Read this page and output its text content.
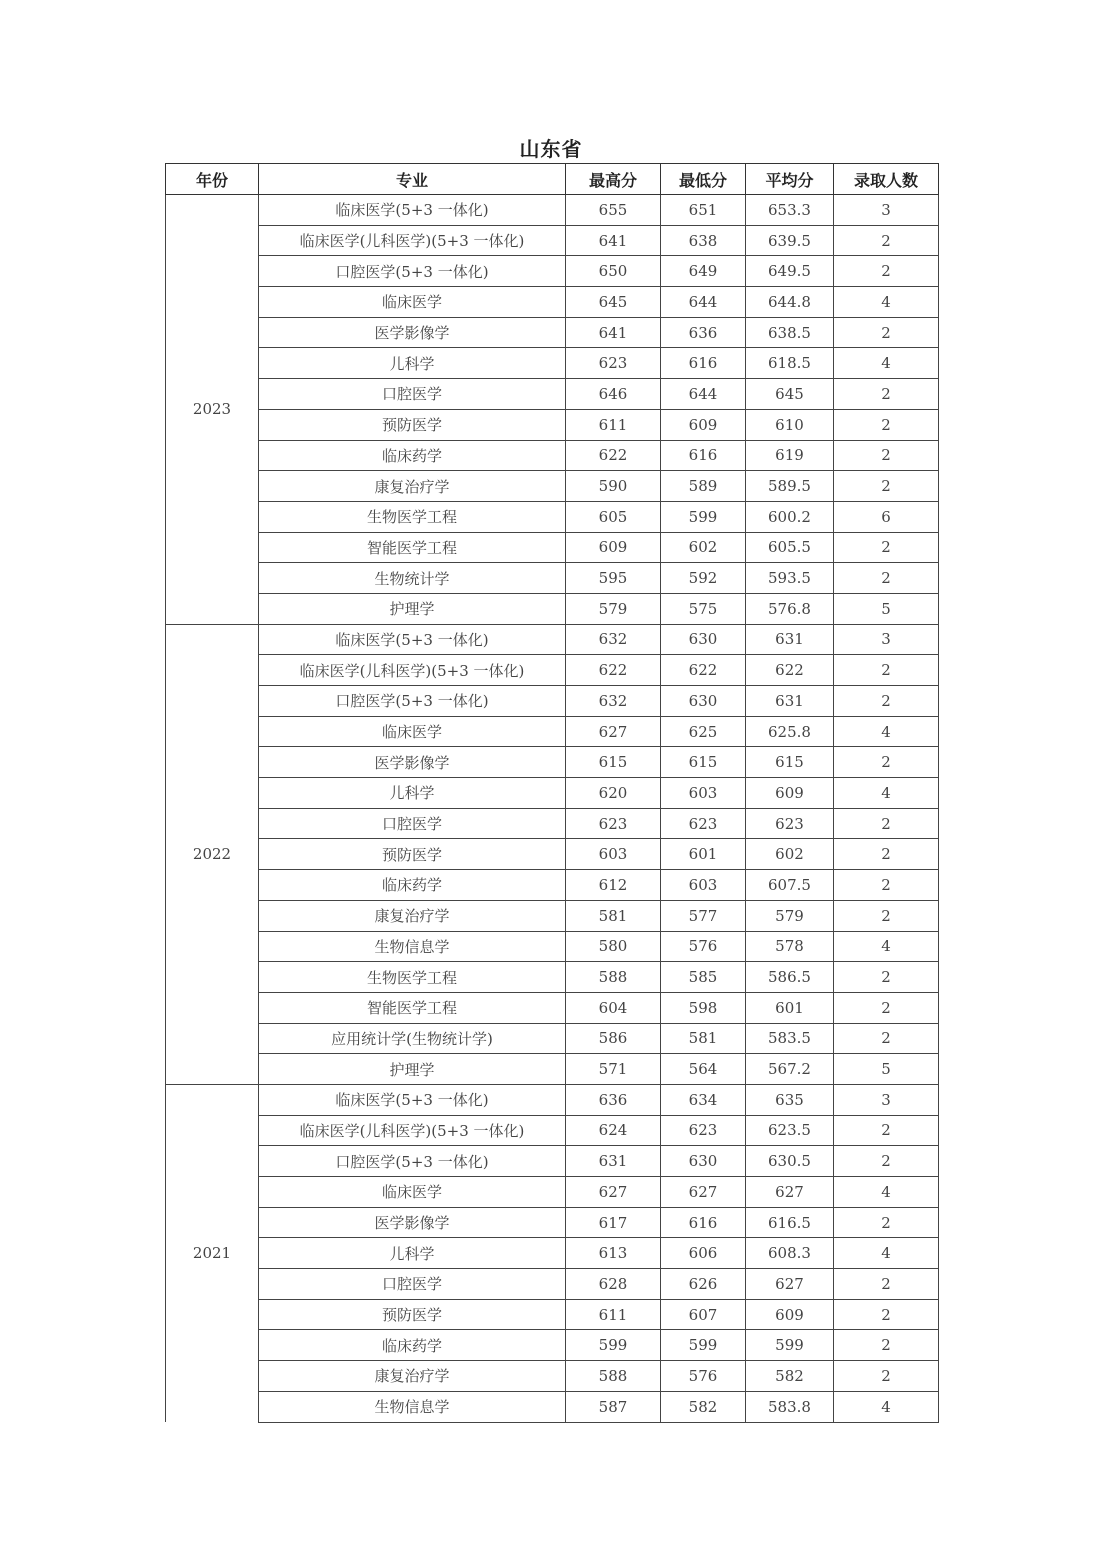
山东省
年份	专业	最高分	最低分	平均分	录取人数
2023	临床医学(5+3 一体化)	655	651	653.3	3
	临床医学(儿科医学)(5+3 一体化)	641	638	639.5	2
	口腔医学(5+3 一体化)	650	649	649.5	2
	临床医学	645	644	644.8	4
	医学影像学	641	636	638.5	2
	儿科学	623	616	618.5	4
	口腔医学	646	644	645	2
	预防医学	611	609	610	2
	临床药学	622	616	619	2
	康复治疗学	590	589	589.5	2
	生物医学工程	605	599	600.2	6
	智能医学工程	609	602	605.5	2
	生物统计学	595	592	593.5	2
	护理学	579	575	576.8	5
2022	临床医学(5+3 一体化)	632	630	631	3
	临床医学(儿科医学)(5+3 一体化)	622	622	622	2
	口腔医学(5+3 一体化)	632	630	631	2
	临床医学	627	625	625.8	4
	医学影像学	615	615	615	2
	儿科学	620	603	609	4
	口腔医学	623	623	623	2
	预防医学	603	601	602	2
	临床药学	612	603	607.5	2
	康复治疗学	581	577	579	2
	生物信息学	580	576	578	4
	生物医学工程	588	585	586.5	2
	智能医学工程	604	598	601	2
	应用统计学(生物统计学)	586	581	583.5	2
	护理学	571	564	567.2	5
2021	临床医学(5+3 一体化)	636	634	635	3
	临床医学(儿科医学)(5+3 一体化)	624	623	623.5	2
	口腔医学(5+3 一体化)	631	630	630.5	2
	临床医学	627	627	627	4
	医学影像学	617	616	616.5	2
	儿科学	613	606	608.3	4
	口腔医学	628	626	627	2
	预防医学	611	607	609	2
	临床药学	599	599	599	2
	康复治疗学	588	576	582	2
	生物信息学	587	582	583.8	4
